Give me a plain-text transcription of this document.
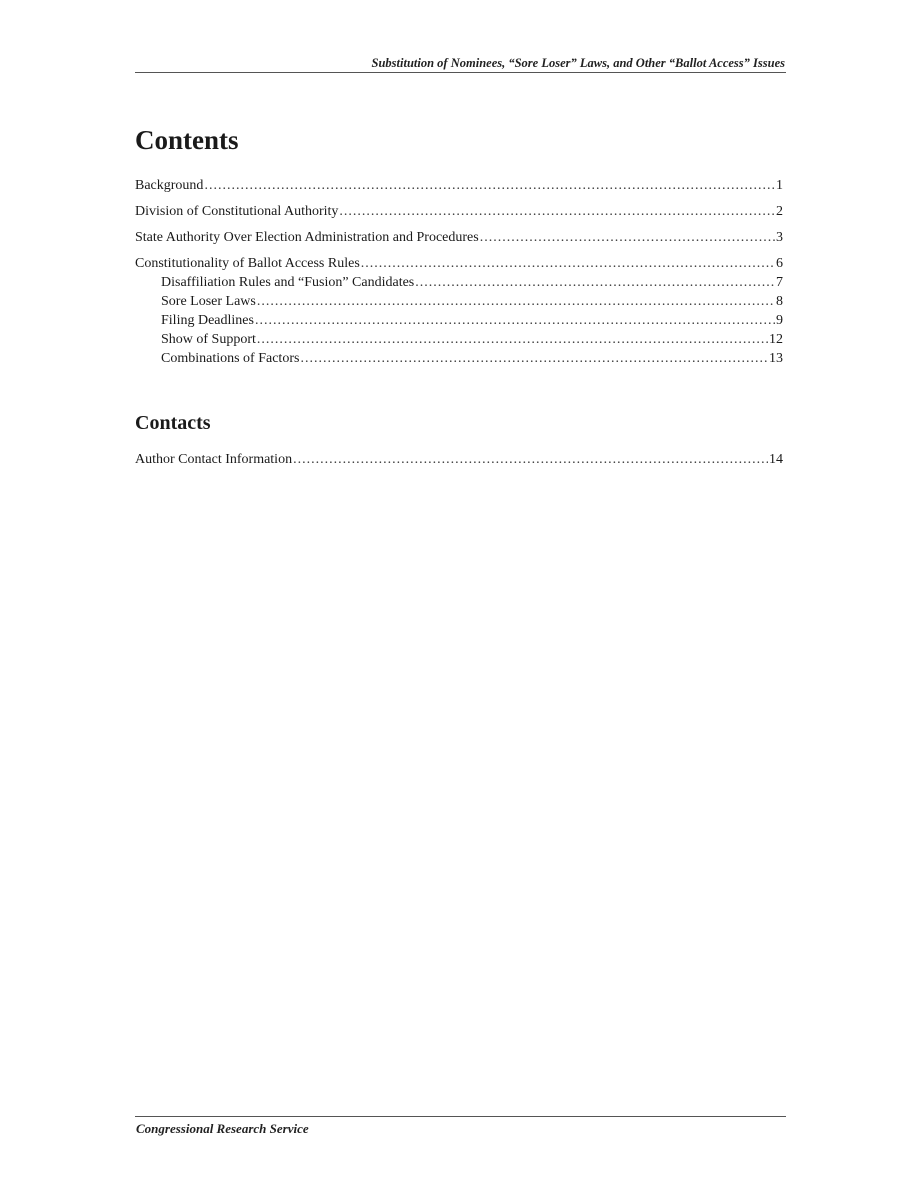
Substitution of Nominees, “Sore Loser” Laws, and Other “Ballot Access” Issues
Contents
Background .....	1
Division of Constitutional Authority .....	2
State Authority Over Election Administration and Procedures .....	3
Constitutionality of Ballot Access Rules .....	6
Disaffiliation Rules and “Fusion” Candidates .....	7
Sore Loser Laws .....	8
Filing Deadlines .....	9
Show of Support .....	12
Combinations of Factors .....	13
Contacts
Author Contact Information .....	14
Congressional Research Service
